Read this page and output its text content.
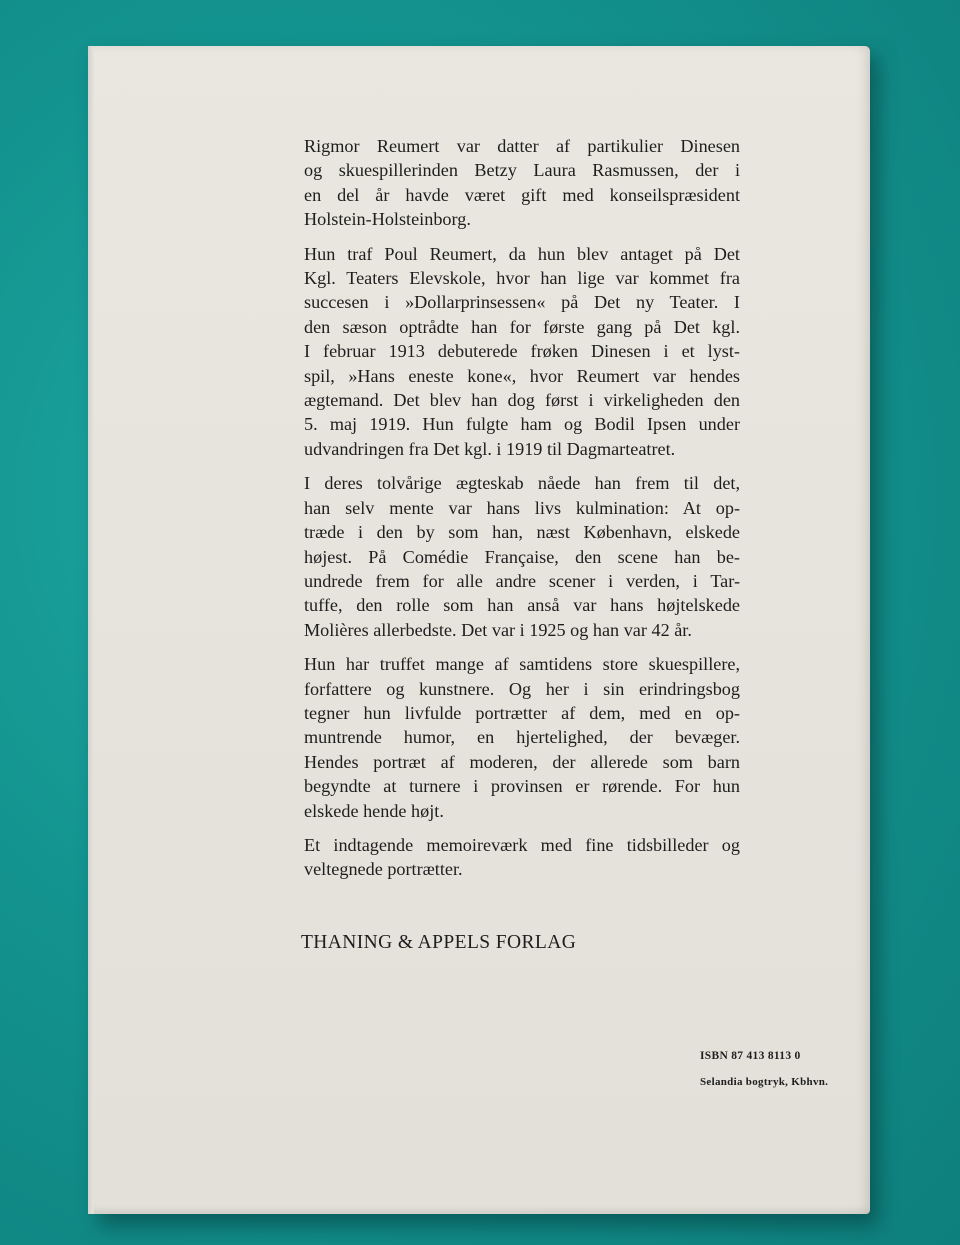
Rigmor Reumert var datter af partikulier Dinesen
og skuespillerinden Betzy Laura Rasmussen, der i
en del år havde været gift med konseilspræsident
Holstein-Holsteinborg.

Hun traf Poul Reumert, da hun blev antaget på Det
Kgl. Teaters Elevskole, hvor han lige var kommet fra
succesen i »Dollarprinsessen« på Det ny Teater. I
den sæson optrådte han for første gang på Det kgl.
I februar 1913 debuterede frøken Dinesen i et lyst-
spil, »Hans eneste kone«, hvor Reumert var hendes
ægtemand. Det blev han dog først i virkeligheden den
5. maj 1919. Hun fulgte ham og Bodil Ipsen under
udvandringen fra Det kgl. i 1919 til Dagmarteatret.

I deres tolvårige ægteskab nåede han frem til det,
han selv mente var hans livs kulmination: At op-
træde i den by som han, næst København, elskede
højest. På Comédie Française, den scene han be-
undrede frem for alle andre scener i verden, i Tar-
tuffe, den rolle som han anså var hans højtelskede
Molières allerbedste. Det var i 1925 og han var 42 år.

Hun har truffet mange af samtidens store skuespillere,
forfattere og kunstnere. Og her i sin erindringsbog
tegner hun livfulde portrætter af dem, med en op-
muntrende humor, en hjertelighed, der bevæger.
Hendes portræt af moderen, der allerede som barn
begyndte at turnere i provinsen er rørende. For hun
elskede hende højt.

Et indtagende memoireværk med fine tidsbilleder og
veltegnede portrætter.

THANING & APPELS FORLAG
ISBN 87 413 8113 0
Selandia bogtryk, Kbhvn.
